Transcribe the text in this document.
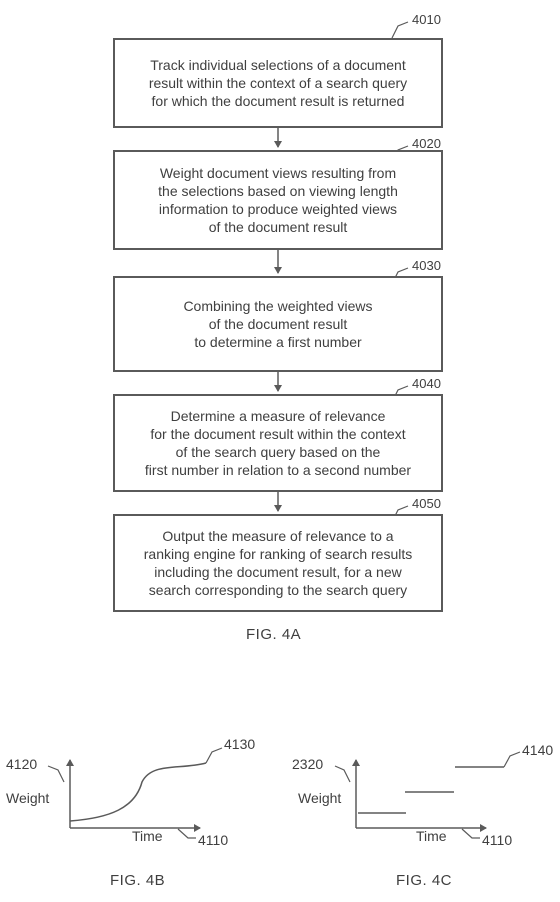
Track individual selections of a document
result within the context of a search query
for which the document result is returned
4010
Weight document views resulting from
the selections based on viewing length
information to produce weighted views
of the document result
4020
Combining the weighted views
of the document result
to determine a first number
4030
Determine a measure of relevance
for the document result within the context
of the search query based on the
first number in relation to a second number
4040
Output the measure of relevance to a
ranking engine for ranking of search results
including the document result, for a new
search corresponding to the search query
4050
FIG. 4A
4120
4130
Weight
Time	4110
FIG. 4B
2320
4140
Weight
Time	4110
FIG. 4C
